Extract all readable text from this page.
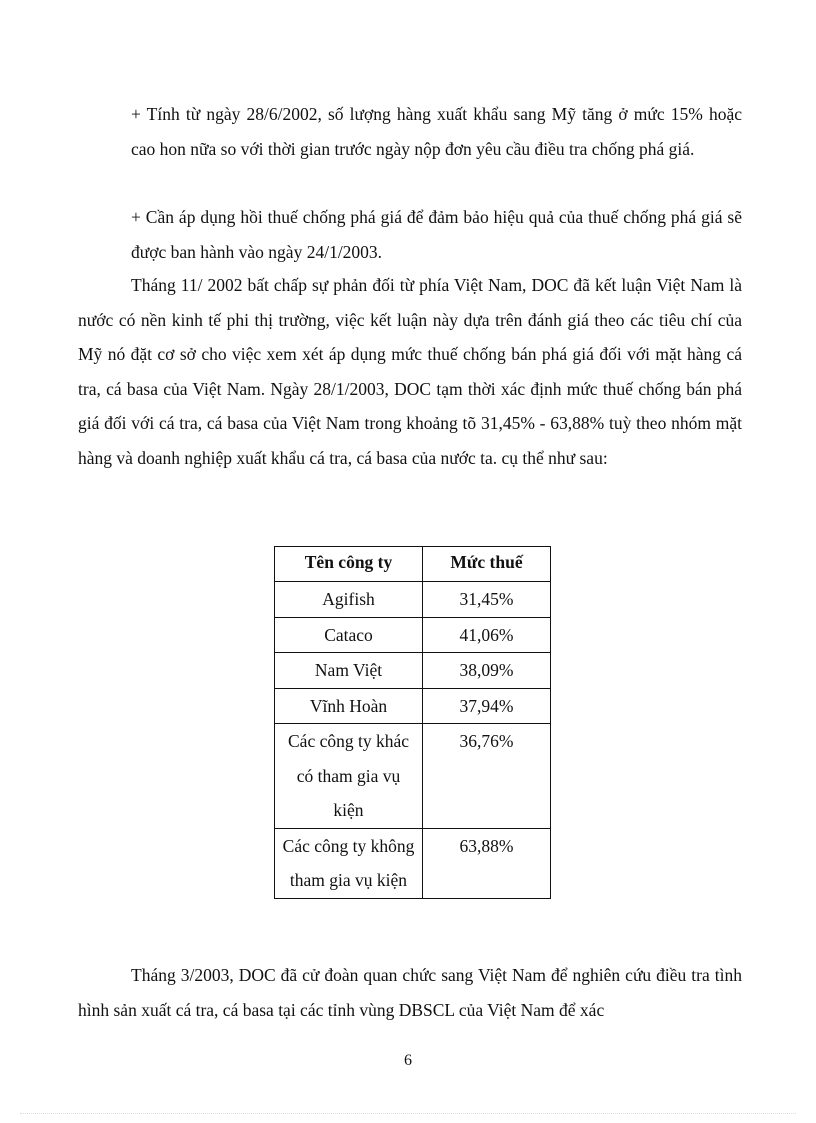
+ Tính từ ngày 28/6/2002, số lượng hàng xuất khẩu sang Mỹ tăng ở mức 15% hoặc cao hon nữa so với thời gian trước ngày nộp đơn yêu cầu điều tra chống phá giá.

+ Cần áp dụng hồi thuế chống phá giá để đảm bảo hiệu quả của thuế chống phá giá sẽ được ban hành vào ngày 24/1/2003.

Tháng 11/ 2002 bất chấp sự phản đối từ phía Việt Nam, DOC đã kết luận Việt Nam là nước có nền kinh tế phi thị trường, việc kết luận này dựa trên đánh giá theo các tiêu chí của Mỹ nó đặt cơ sở cho việc xem xét áp dụng mức thuế chống bán phá giá đối với mặt hàng cá tra, cá basa của Việt Nam. Ngày 28/1/2003, DOC tạm thời xác định mức thuế chống bán phá giá đối với cá tra, cá basa của Việt Nam trong khoảng tõ 31,45% - 63,88% tuỳ theo nhóm mặt hàng và doanh nghiệp xuất khẩu cá tra, cá basa của nước ta. cụ thể như sau:

Tên công ty	Mức thuế
Agifish	31,45%
Cataco	41,06%
Nam Việt	38,09%
Vĩnh Hoàn	37,94%
Các công ty khác có tham gia vụ kiện	36,76%
Các công ty không tham gia vụ kiện	63,88%

Tháng 3/2003, DOC đã cử đoàn quan chức sang Việt Nam để nghiên cứu điều tra tình hình sản xuất cá tra, cá basa tại các tỉnh vùng DBSCL của Việt Nam để xác

6
